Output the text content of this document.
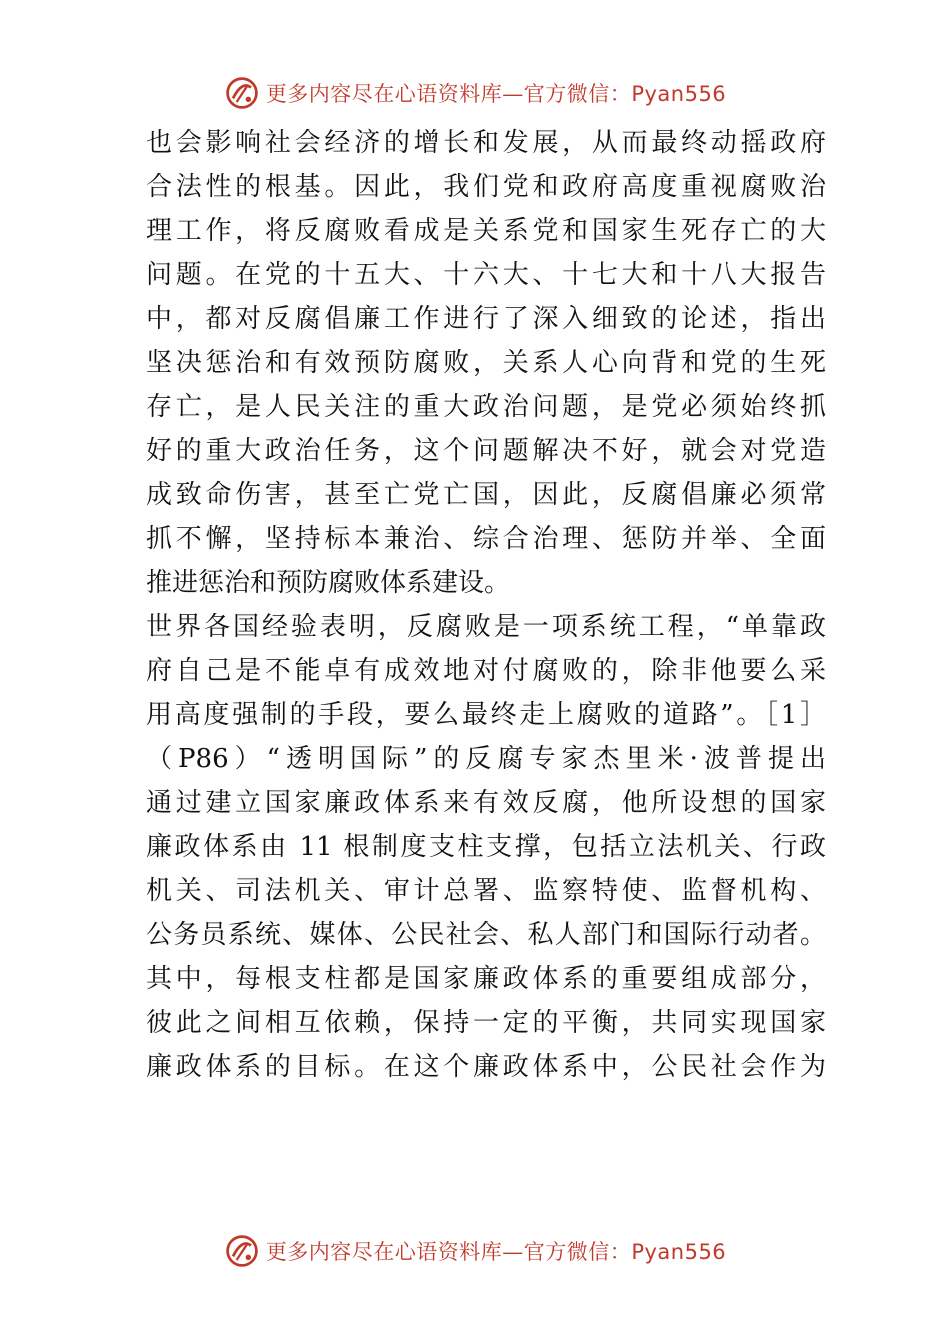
更多内容尽在心语资料库—官方微信：Pyan556
也会影响社会经济的增长和发展，从而最终动摇政府
合法性的根基。因此，我们党和政府高度重视腐败治
理工作，将反腐败看成是关系党和国家生死存亡的大
问题。在党的十五大、十六大、十七大和十八大报告
中，都对反腐倡廉工作进行了深入细致的论述，指出
坚决惩治和有效预防腐败，关系人心向背和党的生死
存亡，是人民关注的重大政治问题，是党必须始终抓
好的重大政治任务，这个问题解决不好，就会对党造
成致命伤害，甚至亡党亡国，因此，反腐倡廉必须常
抓不懈，坚持标本兼治、综合治理、惩防并举、全面
推进惩治和预防腐败体系建设。
世界各国经验表明，反腐败是一项系统工程，“单靠政
府自己是不能卓有成效地对付腐败的，除非他要么采
用高度强制的手段，要么最终走上腐败的道路”。［1］
（P86）“透明国际”的反腐专家杰里米·波普提出
通过建立国家廉政体系来有效反腐，他所设想的国家
廉政体系由 11 根制度支柱支撑，包括立法机关、行政
机关、司法机关、审计总署、监察特使、监督机构、
公务员系统、媒体、公民社会、私人部门和国际行动者。
其中，每根支柱都是国家廉政体系的重要组成部分，
彼此之间相互依赖，保持一定的平衡，共同实现国家
廉政体系的目标。在这个廉政体系中，公民社会作为
更多内容尽在心语资料库—官方微信：Pyan556
